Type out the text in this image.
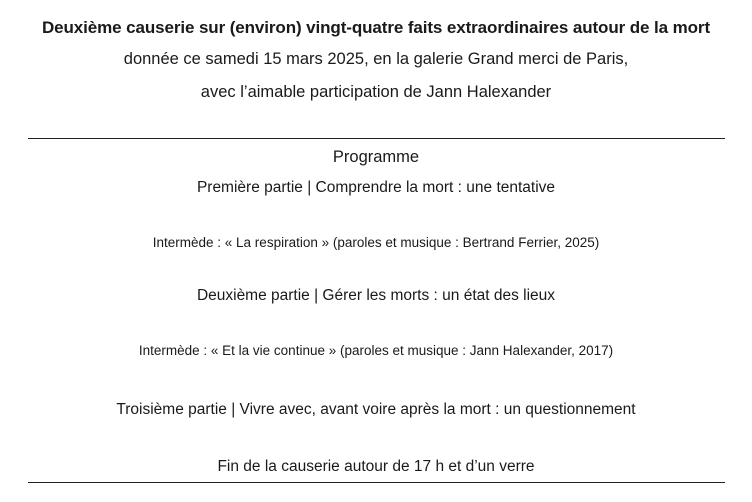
Deuxième causerie sur (environ) vingt-quatre faits extraordinaires autour de la mort
donnée ce samedi 15 mars 2025, en la galerie Grand merci de Paris,
avec l’aimable participation de Jann Halexander
Programme
Première partie | Comprendre la mort : une tentative
Intermède : « La respiration » (paroles et musique : Bertrand Ferrier, 2025)
Deuxième partie | Gérer les morts : un état des lieux
Intermède : « Et la vie continue » (paroles et musique : Jann Halexander, 2017)
Troisième partie | Vivre avec, avant voire après la mort : un questionnement
Fin de la causerie autour de 17 h et d’un verre
